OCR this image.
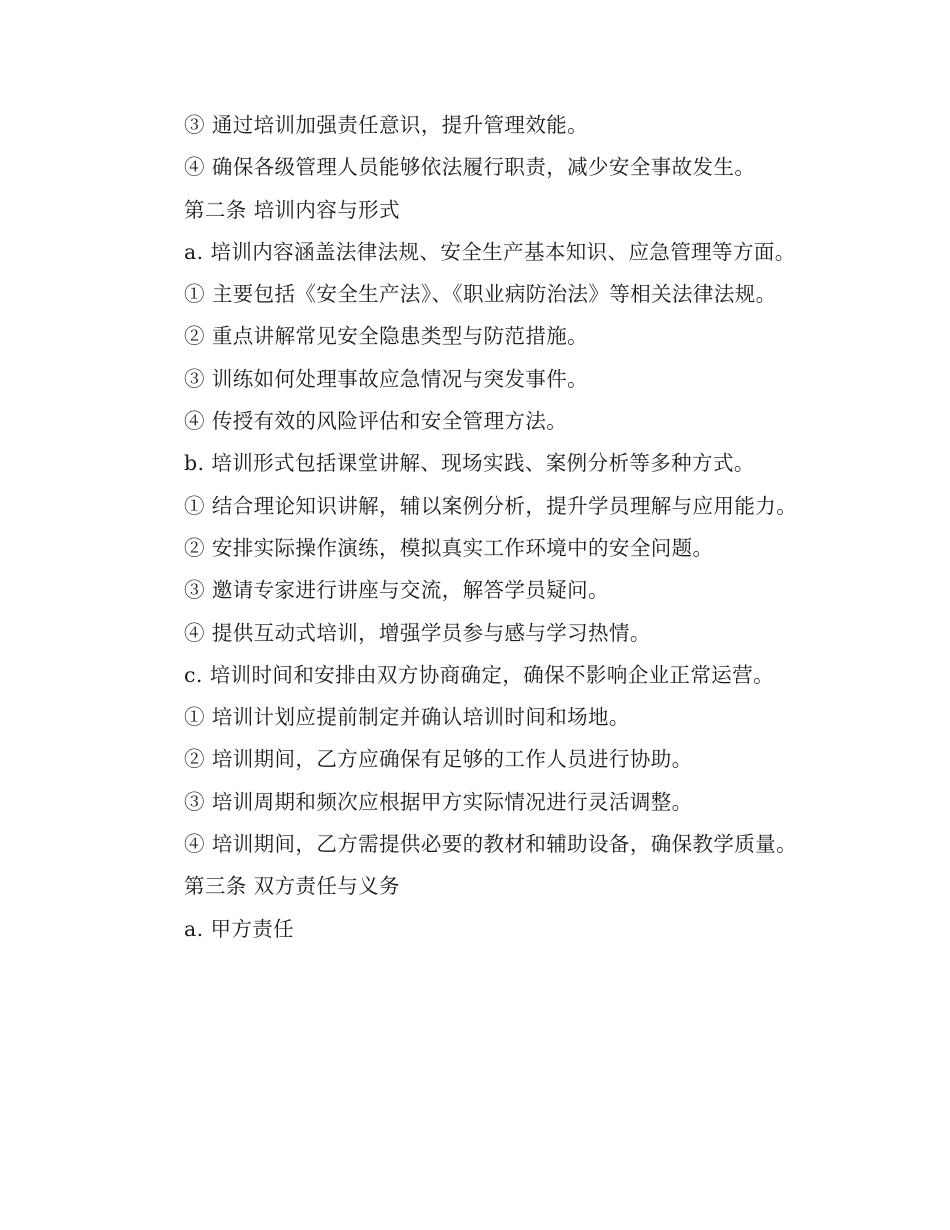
③ 通过培训加强责任意识，提升管理效能。

④ 确保各级管理人员能够依法履行职责，减少安全事故发生。

第二条 培训内容与形式

a. 培训内容涵盖法律法规、安全生产基本知识、应急管理等方面。

① 主要包括《安全生产法》、《职业病防治法》等相关法律法规。

② 重点讲解常见安全隐患类型与防范措施。

③ 训练如何处理事故应急情况与突发事件。

④ 传授有效的风险评估和安全管理方法。

b. 培训形式包括课堂讲解、现场实践、案例分析等多种方式。

① 结合理论知识讲解，辅以案例分析，提升学员理解与应用能力。

② 安排实际操作演练，模拟真实工作环境中的安全问题。

③ 邀请专家进行讲座与交流，解答学员疑问。

④ 提供互动式培训，增强学员参与感与学习热情。

c. 培训时间和安排由双方协商确定，确保不影响企业正常运营。

① 培训计划应提前制定并确认培训时间和场地。

② 培训期间，乙方应确保有足够的工作人员进行协助。

③ 培训周期和频次应根据甲方实际情况进行灵活调整。

④ 培训期间，乙方需提供必要的教材和辅助设备，确保教学质量。

第三条 双方责任与义务

a. 甲方责任
